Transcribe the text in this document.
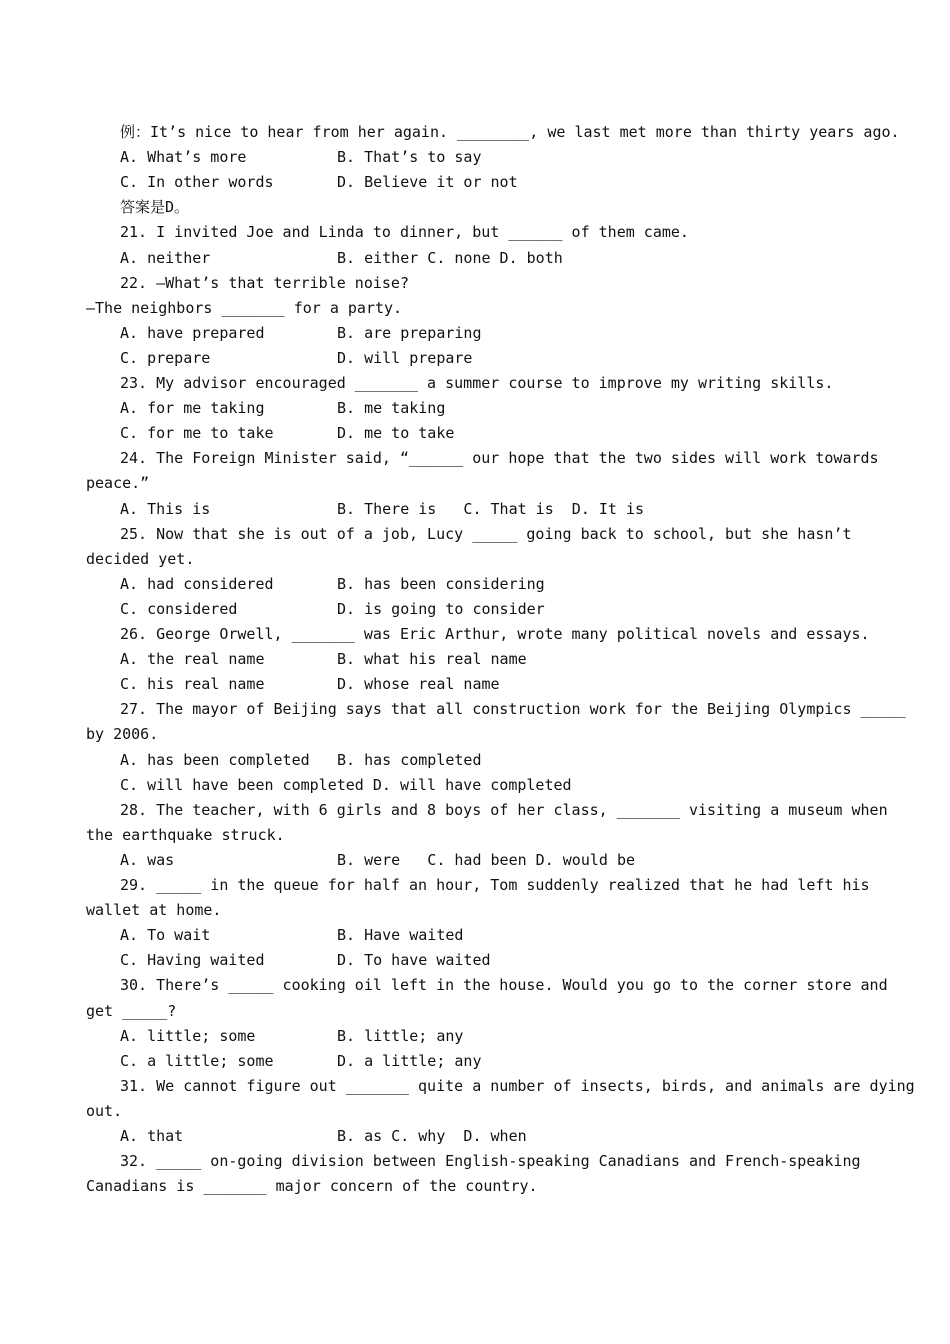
例：It’s nice to hear from her again. ________, we last met more than thirty years ago.
A. What’s more	B. That’s to say
C. In other words	D. Believe it or not
答案是D。
21. I invited Joe and Linda to dinner, but ______ of them came.
A. neither	B. either C. none D. both
22. —What’s that terrible noise?
—The neighbors _______ for a party.
A. have prepared	B. are preparing
C. prepare	D. will prepare
23. My advisor encouraged _______ a summer course to improve my writing skills.
A. for me taking	B. me taking
C. for me to take	D. me to take
24. The Foreign Minister said, “______ our hope that the two sides will work towards
peace.”
A. This is	B. There is   C. That is  D. It is
25. Now that she is out of a job, Lucy _____ going back to school, but she hasn’t
decided yet.
A. had considered	B. has been considering
C. considered	D. is going to consider
26. George Orwell, _______ was Eric Arthur, wrote many political novels and essays.
A. the real name	B. what his real name
C. his real name	D. whose real name
27. The mayor of Beijing says that all construction work for the Beijing Olympics _____
by 2006.
A. has been completed B. has completed
C. will have been completed D. will have completed
28. The teacher, with 6 girls and 8 boys of her class, _______ visiting a museum when
the earthquake struck.
A. was	B. were   C. had been D. would be
29. _____ in the queue for half an hour, Tom suddenly realized that he had left his
wallet at home.
A. To wait	B. Have waited
C. Having waited	D. To have waited
30. There’s _____ cooking oil left in the house. Would you go to the corner store and
get _____?
A. little; some	B. little; any
C. a little; some	D. a little; any
31. We cannot figure out _______ quite a number of insects, birds, and animals are dying
out.
A. that	B. as C. why  D. when
32. _____ on-going division between English-speaking Canadians and French-speaking
Canadians is _______ major concern of the country.
